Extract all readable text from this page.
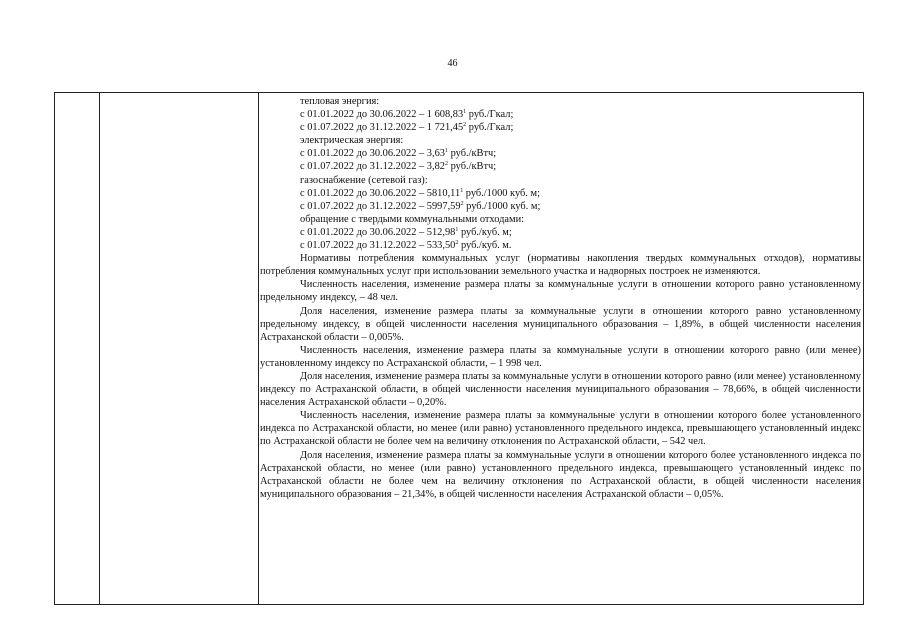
46
тепловая энергия:
с 01.01.2022 до 30.06.2022 – 1 608,83$^1$ руб./Гкал;
с 01.07.2022 до 31.12.2022 – 1 721,45$^2$ руб./Гкал;
электрическая энергия:
с 01.01.2022 до 30.06.2022 – 3,63$^1$ руб./кВтч;
с 01.07.2022 до 31.12.2022 – 3,82$^2$ руб./кВтч;
газоснабжение (сетевой газ):
с 01.01.2022 до 30.06.2022 – 5810,11$^1$ руб./1000 куб. м;
с 01.07.2022 до 31.12.2022 – 5997,59$^2$ руб./1000 куб. м;
обращение с твердыми коммунальными отходами:
с 01.01.2022 до 30.06.2022 – 512,98$^1$ руб./куб. м;
с 01.07.2022 до 31.12.2022 – 533,50$^2$ руб./куб. м.

Нормативы потребления коммунальных услуг (нормативы накопления твердых коммунальных отходов), нормативы потребления коммунальных услуг при использовании земельного участка и надворных построек не изменяются.

Численность населения, изменение размера платы за коммунальные услуги в отношении которого равно установленному предельному индексу, – 48 чел.

Доля населения, изменение размера платы за коммунальные услуги в отношении которого равно установленному предельному индексу, в общей численности населения муниципального образования – 1,89%, в общей численности населения Астраханской области – 0,005%.

Численность населения, изменение размера платы за коммунальные услуги в отношении которого равно (или менее) установленному индексу по Астраханской области, – 1 998 чел.

Доля населения, изменение размера платы за коммунальные услуги в отношении которого равно (или менее) установленному индексу по Астраханской области, в общей численности населения муниципального образования – 78,66%, в общей численности населения Астраханской области – 0,20%.

Численность населения, изменение размера платы за коммунальные услуги в отношении которого более установленного индекса по Астраханской области, но менее (или равно) установленного предельного индекса, превышающего установленный индекс по Астраханской области не более чем на величину отклонения по Астраханской области, – 542 чел.

Доля населения, изменение размера платы за коммунальные услуги в отношении которого более установленного индекса по Астраханской области, но менее (или равно) установленного предельного индекса, превышающего установленный индекс по Астраханской области не более чем на величину отклонения по Астраханской области, в общей численности населения муниципального образования – 21,34%, в общей численности населения Астраханской области – 0,05%.
